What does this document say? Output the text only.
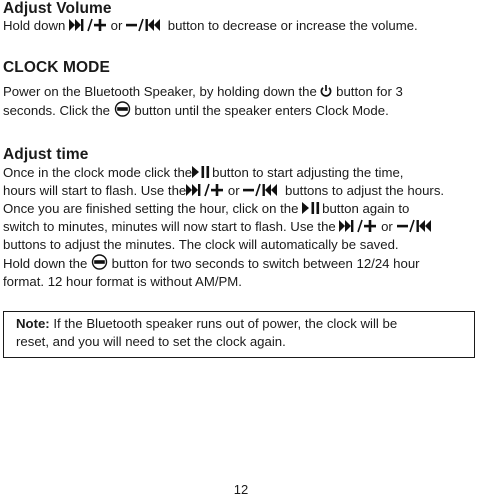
Adjust Volume

Hold down	or	button to decrease or increase the volume.

CLOCK MODE

Power on the Bluetooth Speaker, by holding down the button for 3
seconds. Click the button until the speaker enters Clock Mode.

Adjust time

Once in the clock mode click the button to start adjusting the time,
hours will start to flash. Use the	or	buttons to adjust the hours.
Once you are finished setting the hour, click on the button again to
switch to minutes, minutes will now start to flash. Use the	or
buttons to adjust the minutes. The clock will automatically be saved.
Hold down the button for two seconds to switch between 12/24 hour
format. 12 hour format is without AM/PM.

Note: If the Bluetooth speaker runs out of power, the clock will be
reset, and you will need to set the clock again.

12
